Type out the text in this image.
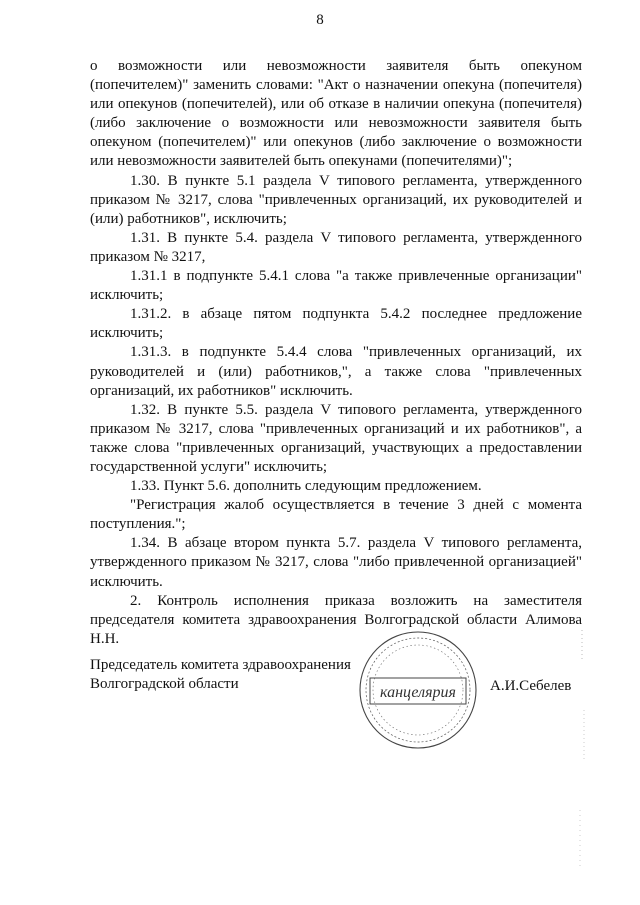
8

о возможности или невозможности заявителя быть опекуном (попечителем)" заменить словами: "Акт о назначении опекуна (попечителя) или опекунов (попечителей), или об отказе в наличии опекуна (попечителя) (либо заключение о возможности или невозможности заявителя быть опекуном (попечителем)" или опекунов (либо заключение о возможности или невозможности заявителей быть опекунами (попечителями)";

1.30. В пункте 5.1 раздела V типового регламента, утвержденного приказом № 3217, слова "привлеченных организаций, их руководителей и (или) работников", исключить;

1.31. В пункте 5.4. раздела V типового регламента, утвержденного приказом № 3217,

1.31.1 в подпункте 5.4.1 слова "а также привлеченные организации" исключить;

1.31.2. в абзаце пятом подпункта 5.4.2 последнее предложение исключить;

1.31.3. в подпункте 5.4.4 слова "привлеченных организаций, их руководителей и (или) работников,", а также слова "привлеченных организаций, их работников" исключить.

1.32. В пункте 5.5. раздела V типового регламента, утвержденного приказом № 3217, слова "привлеченных организаций и их работников", а также слова "привлеченных организаций, участвующих а предоставлении государственной услуги" исключить;

1.33. Пункт 5.6. дополнить следующим предложением.

"Регистрация жалоб осуществляется в течение 3 дней с момента поступления.";

1.34. В абзаце втором пункта 5.7. раздела V типового регламента, утвержденного приказом № 3217, слова "либо привлеченной организацией" исключить.

2. Контроль исполнения приказа возложить на заместителя председателя комитета здравоохранения Волгоградской области Алимова Н.Н.

Председатель комитета здравоохранения
Волгоградской области	А.И.Себелев
канцелярия
